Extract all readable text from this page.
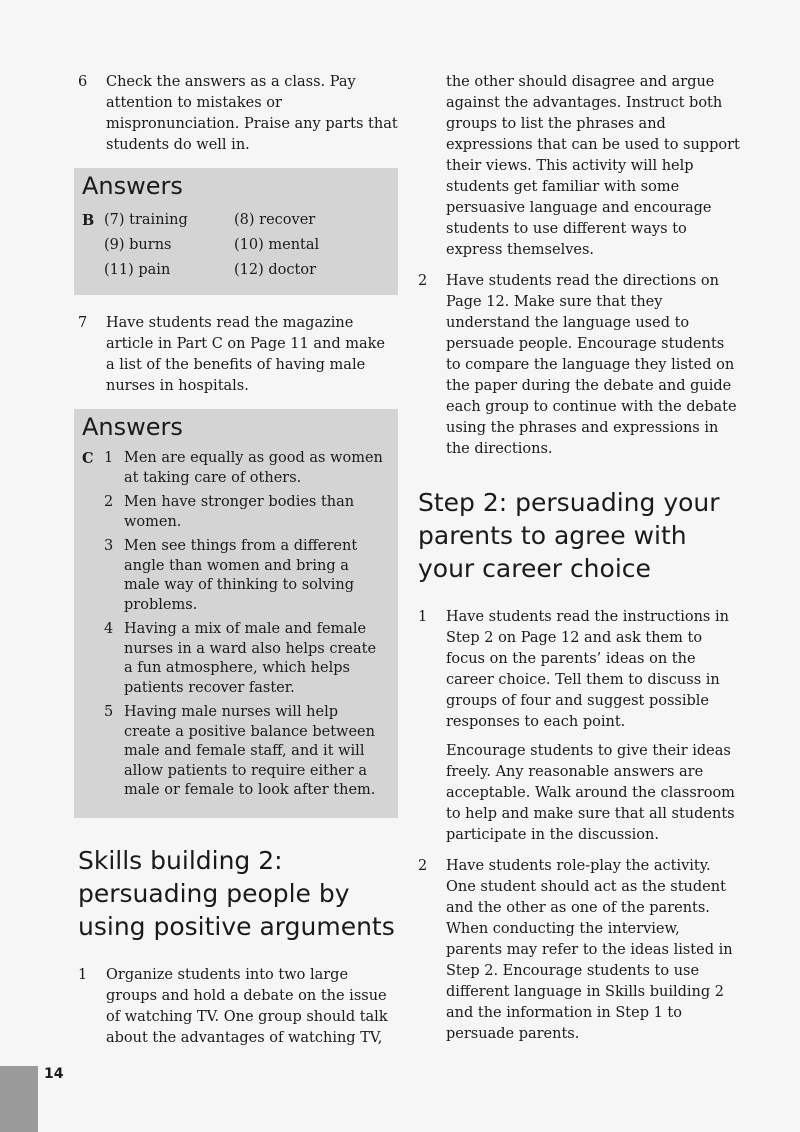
6	Check the answers as a class. Pay attention to mistakes or mispronunciation. Praise any parts that students do well in.

Answers
B (7) training	(8) recover
(9) burns	(10) mental
(11) pain	(12) doctor
7	Have students read the magazine article in Part C on Page 11 and make a list of the benefits of having male nurses in hospitals.

Answers
C 1 Men are equally as good as women at taking care of others.
2 Men have stronger bodies than women.
3 Men see things from a different angle than women and bring a male way of thinking to solving problems.
4 Having a mix of male and female nurses in a ward also helps create a fun atmosphere, which helps patients recover faster.
5 Having male nurses will help create a positive balance between male and female staff, and it will allow patients to require either a male or female to look after them.
Skills building 2: persuading people by using positive arguments
1	Organize students into two large groups and hold a debate on the issue of watching TV. One group should talk about the advantages of watching TV,

the other should disagree and argue against the advantages. Instruct both groups to list the phrases and expressions that can be used to support their views. This activity will help students get familiar with some persuasive language and encourage students to use different ways to express themselves.

2	Have students read the directions on Page 12. Make sure that they understand the language used to persuade people. Encourage students to compare the language they listed on the paper during the debate and guide each group to continue with the debate using the phrases and expressions in the directions.

Step 2: persuading your parents to agree with your career choice
1	Have students read the instructions in Step 2 on Page 12 and ask them to focus on the parents’ ideas on the career choice. Tell them to discuss in groups of four and suggest possible responses to each point.

Encourage students to give their ideas freely. Any reasonable answers are acceptable. Walk around the classroom to help and make sure that all students participate in the discussion.

2	Have students role-play the activity. One student should act as the student and the other as one of the parents. When conducting the interview, parents may refer to the ideas listed in Step 2. Encourage students to use different language in Skills building 2 and the information in Step 1 to persuade parents.

14
